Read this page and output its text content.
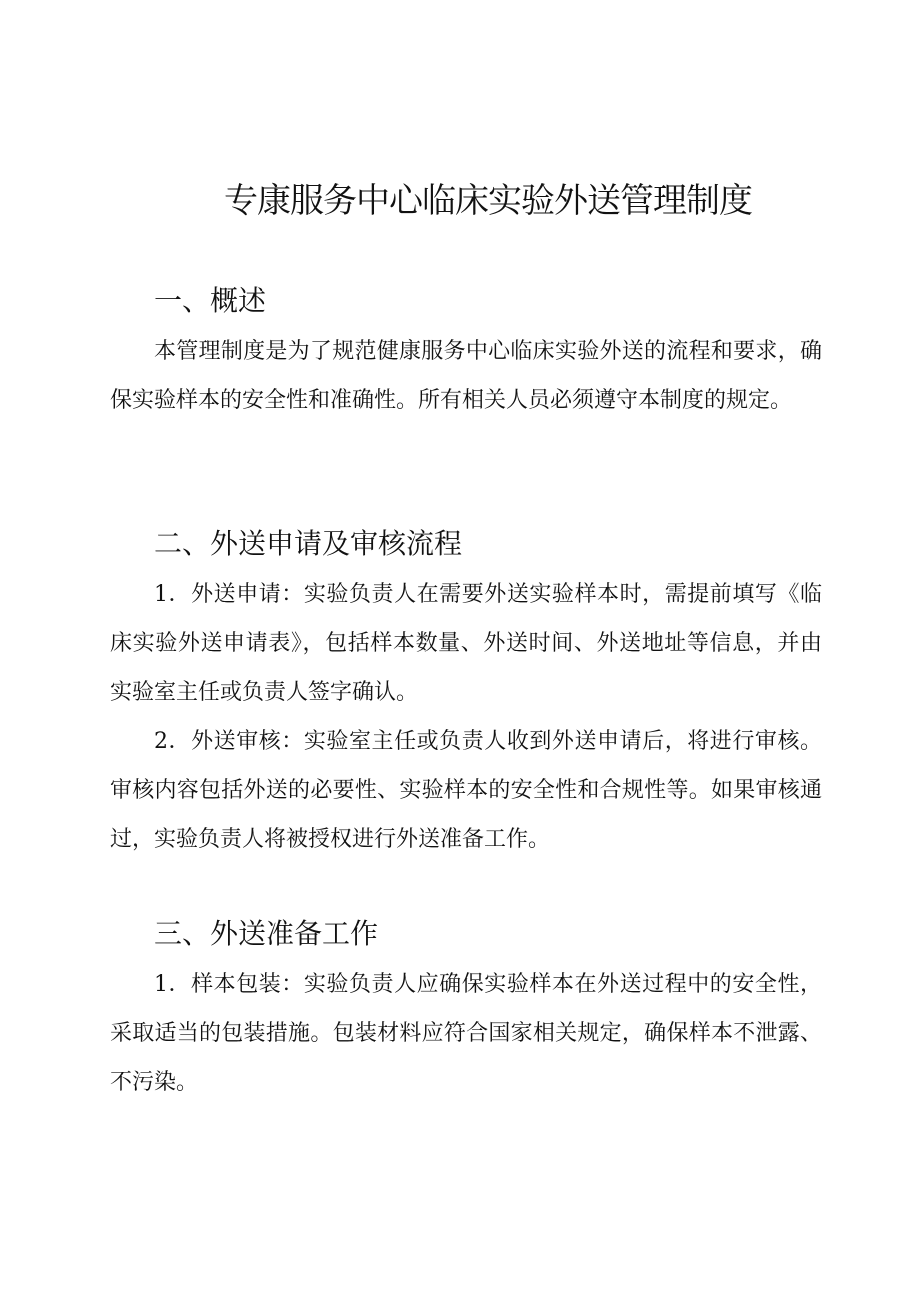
专康服务中心临床实验外送管理制度
一、概述

本管理制度是为了规范健康服务中心临床实验外送的流程和要求，确保实验样本的安全性和准确性。所有相关人员必须遵守本制度的规定。

二、外送申请及审核流程

1．外送申请：实验负责人在需要外送实验样本时，需提前填写《临床实验外送申请表》，包括样本数量、外送时间、外送地址等信息，并由实验室主任或负责人签字确认。

2．外送审核：实验室主任或负责人收到外送申请后，将进行审核。审核内容包括外送的必要性、实验样本的安全性和合规性等。如果审核通过，实验负责人将被授权进行外送准备工作。

三、外送准备工作

1．样本包装：实验负责人应确保实验样本在外送过程中的安全性，采取适当的包装措施。包装材料应符合国家相关规定，确保样本不泄露、不污染。
